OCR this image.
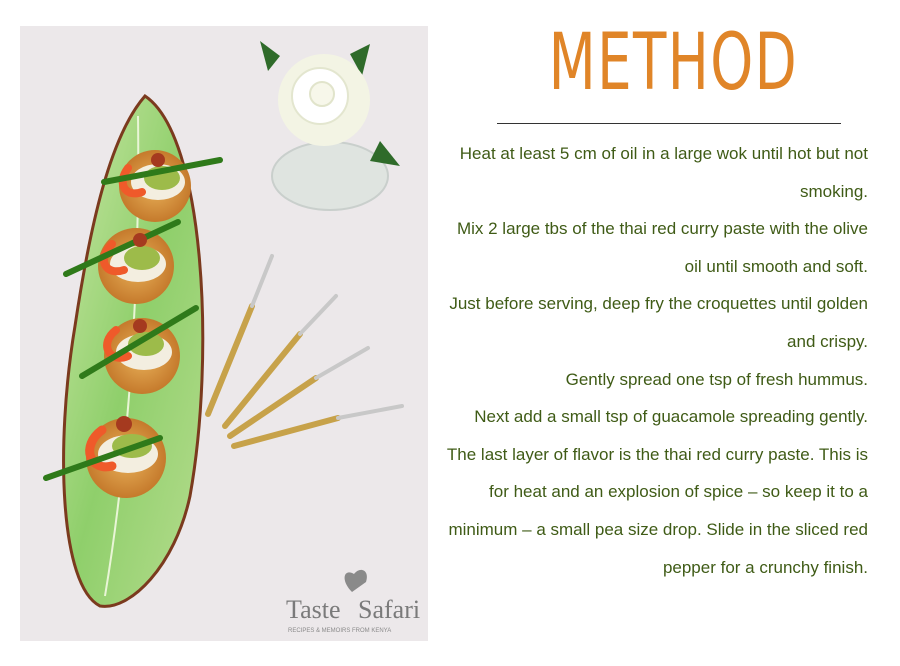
Taste Safari
RECIPES & MEMOIRS FROM KENYA
METHOD

Heat at least 5 cm of oil in a large wok until hot but not smoking.

Mix 2 large tbs of the thai red curry paste with the olive oil until smooth and soft.

Just before serving, deep fry the croquettes until golden and crispy.

Gently spread one tsp of fresh hummus.

Next add a small tsp of guacamole spreading gently.

The last layer of flavor is the thai red curry paste. This is for heat and an explosion of spice – so keep it to a minimum – a small pea size drop. Slide in the sliced red pepper for a crunchy finish.
